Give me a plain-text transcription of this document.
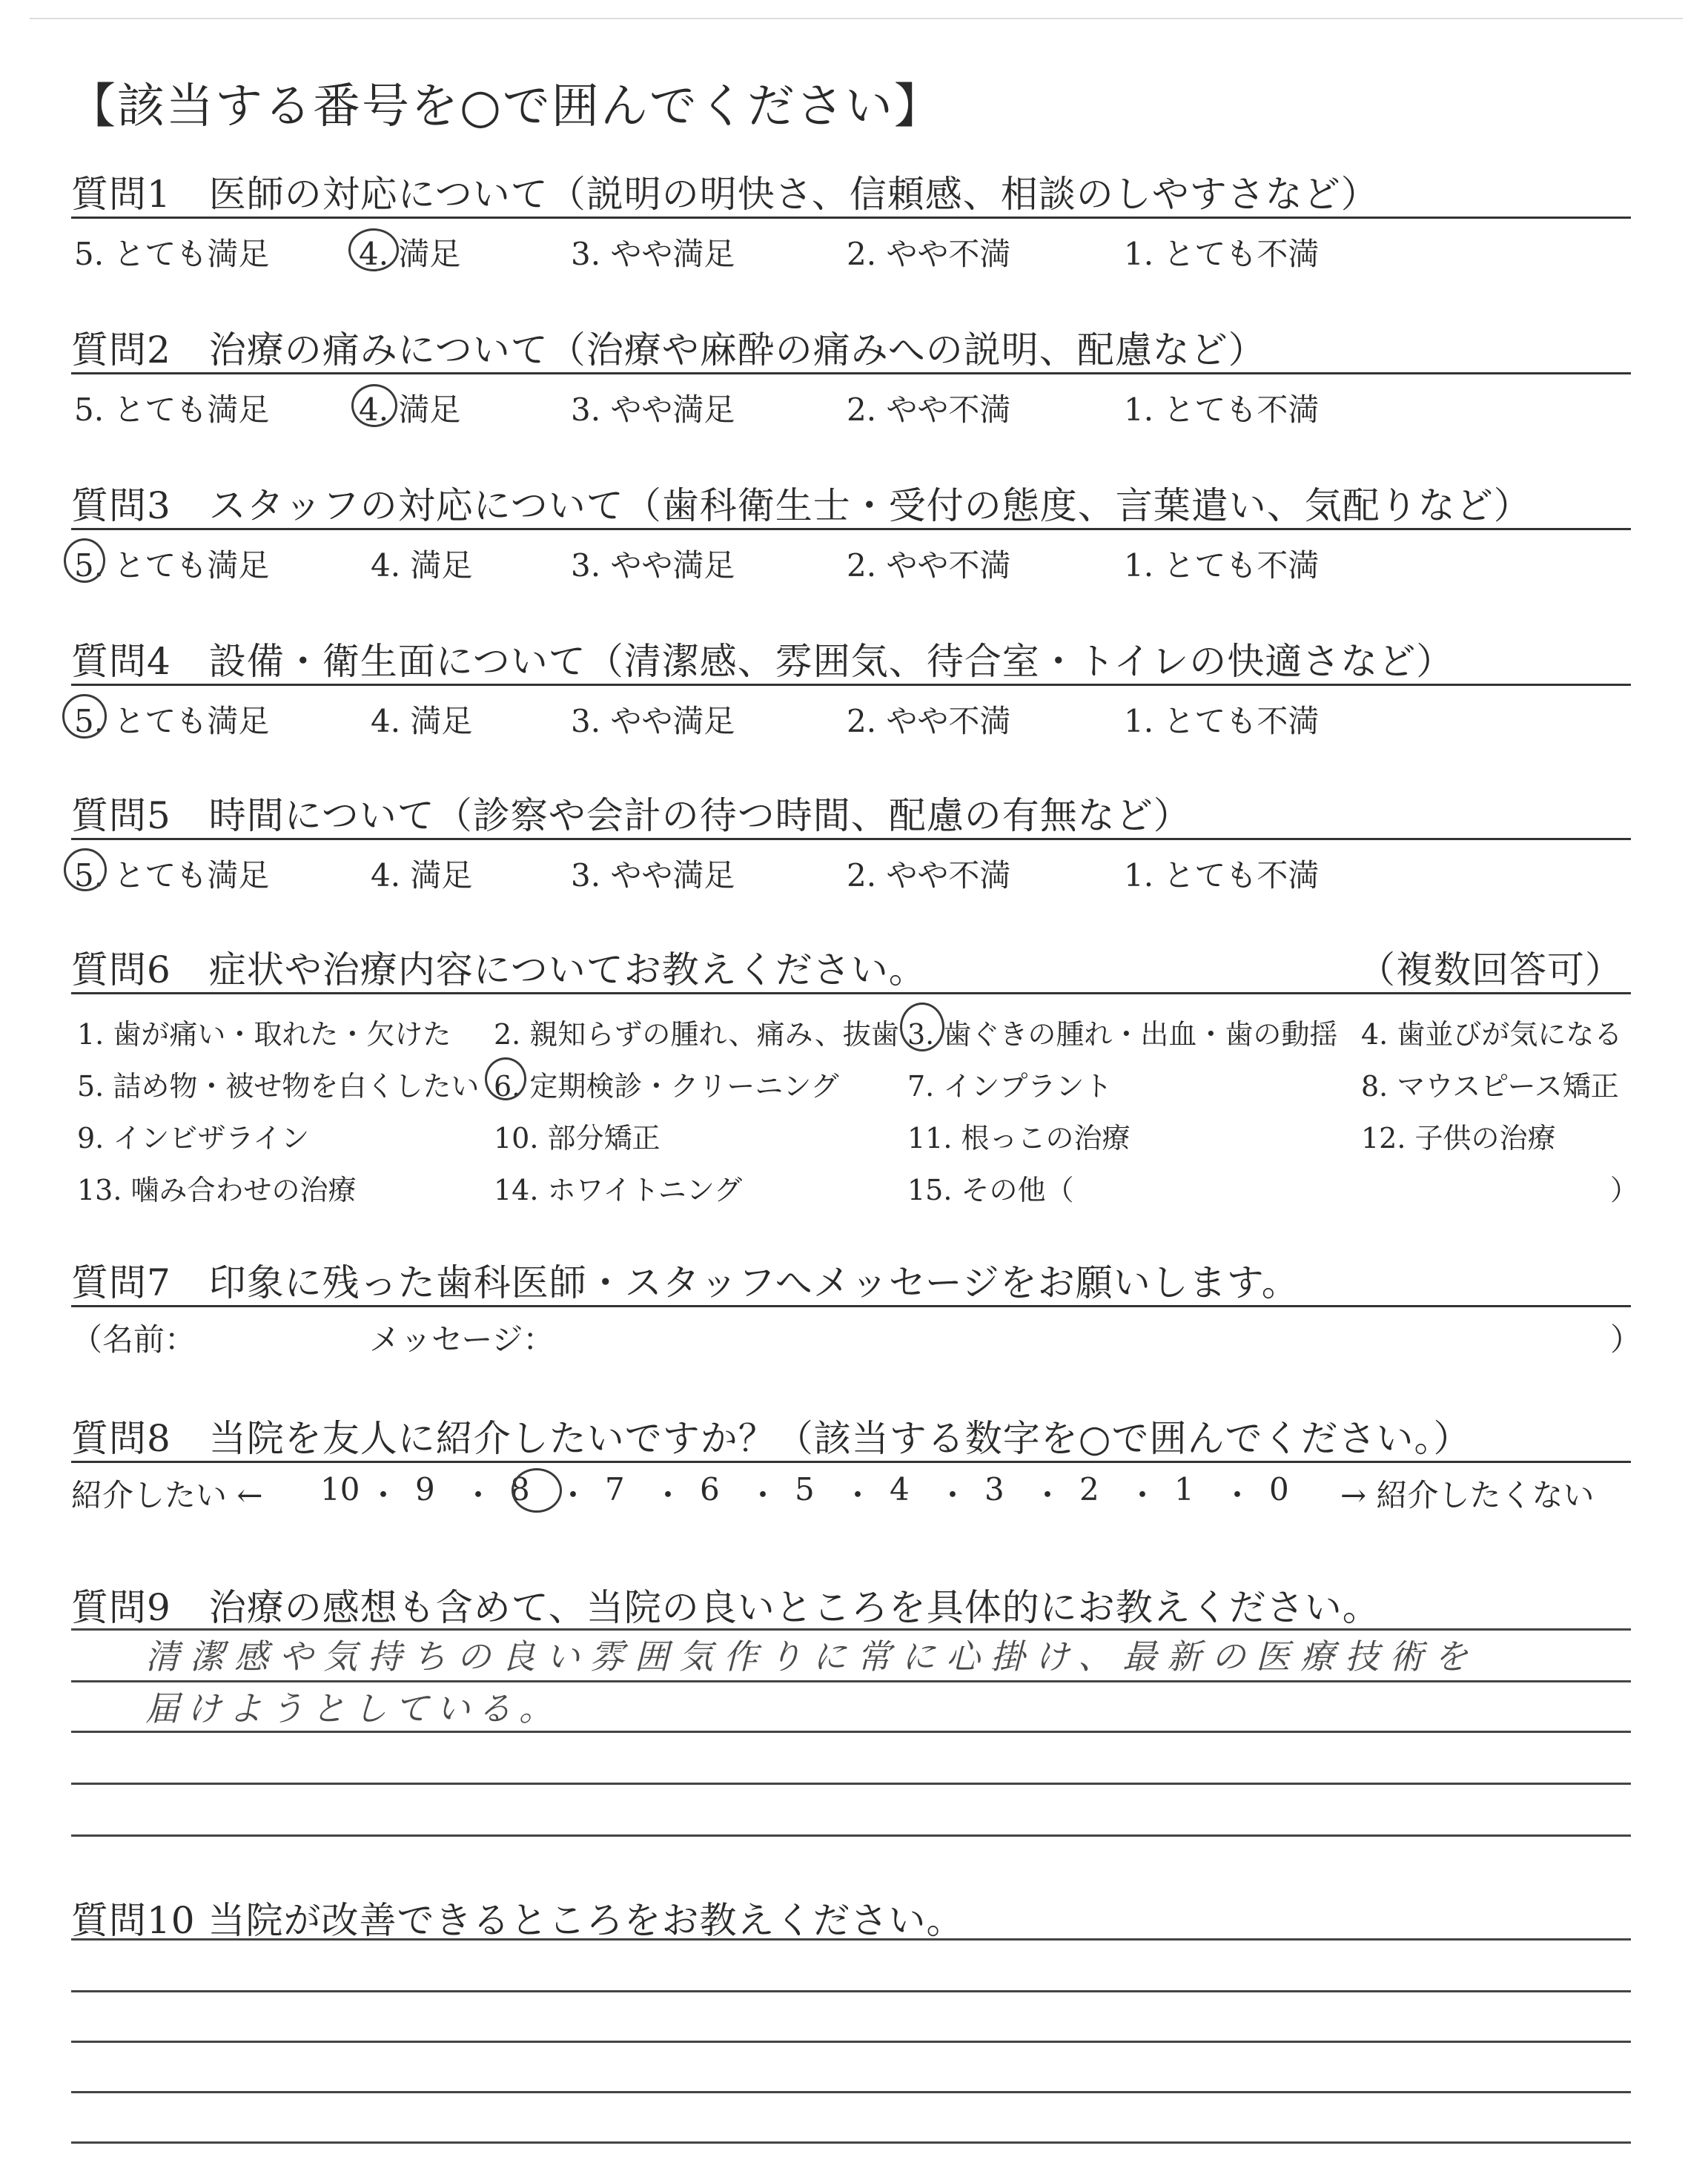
【該当する番号を○で囲んでください】
質問1　医師の対応について（説明の明快さ、信頼感、相談のしやすさなど）
5. とても満足	4. 満足	3. やや満足	2. やや不満	1. とても不満
質問2　治療の痛みについて（治療や麻酔の痛みへの説明、配慮など）
5. とても満足	4. 満足	3. やや満足	2. やや不満	1. とても不満
質問3　スタッフの対応について（歯科衛生士・受付の態度、言葉遣い、気配りなど）
5. とても満足	4. 満足	3. やや満足	2. やや不満	1. とても不満
質問4　設備・衛生面について（清潔感、雰囲気、待合室・トイレの快適さなど）
5. とても満足	4. 満足	3. やや満足	2. やや不満	1. とても不満
質問5　時間について（診察や会計の待つ時間、配慮の有無など）
5. とても満足	4. 満足	3. やや満足	2. やや不満	1. とても不満
質問6　症状や治療内容についてお教えください。	（複数回答可）
1. 歯が痛い・取れた・欠けた 2. 親知らずの腫れ、痛み、抜歯 3. 歯ぐきの腫れ・出血・歯の動揺 4. 歯並びが気になる
5. 詰め物・被せ物を白くしたい 6. 定期検診・クリーニング 7. インプラント	8. マウスピース矯正
9. インビザライン	10. 部分矯正	11. 根っこの治療	12. 子供の治療
13. 噛み合わせの治療	14. ホワイトニング	15. その他（	）
質問7　印象に残った歯科医師・スタッフへメッセージをお願いします。
（名前：	メッセージ：	）
質問8　当院を友人に紹介したいですか？（該当する数字を○で囲んでください。）
紹介したい ← 10 ・ 9 ・ 8 ・ 7 ・ 6 ・ 5 ・ 4 ・ 3 ・ 2 ・ 1 ・ 0 → 紹介したくない
質問9　治療の感想も含めて、当院の良いところを具体的にお教えください。
清潔感や気持ちの良い雰囲気作りに常に心掛け、最新の医療技術を
届けようとしている。
質問10 当院が改善できるところをお教えください。
